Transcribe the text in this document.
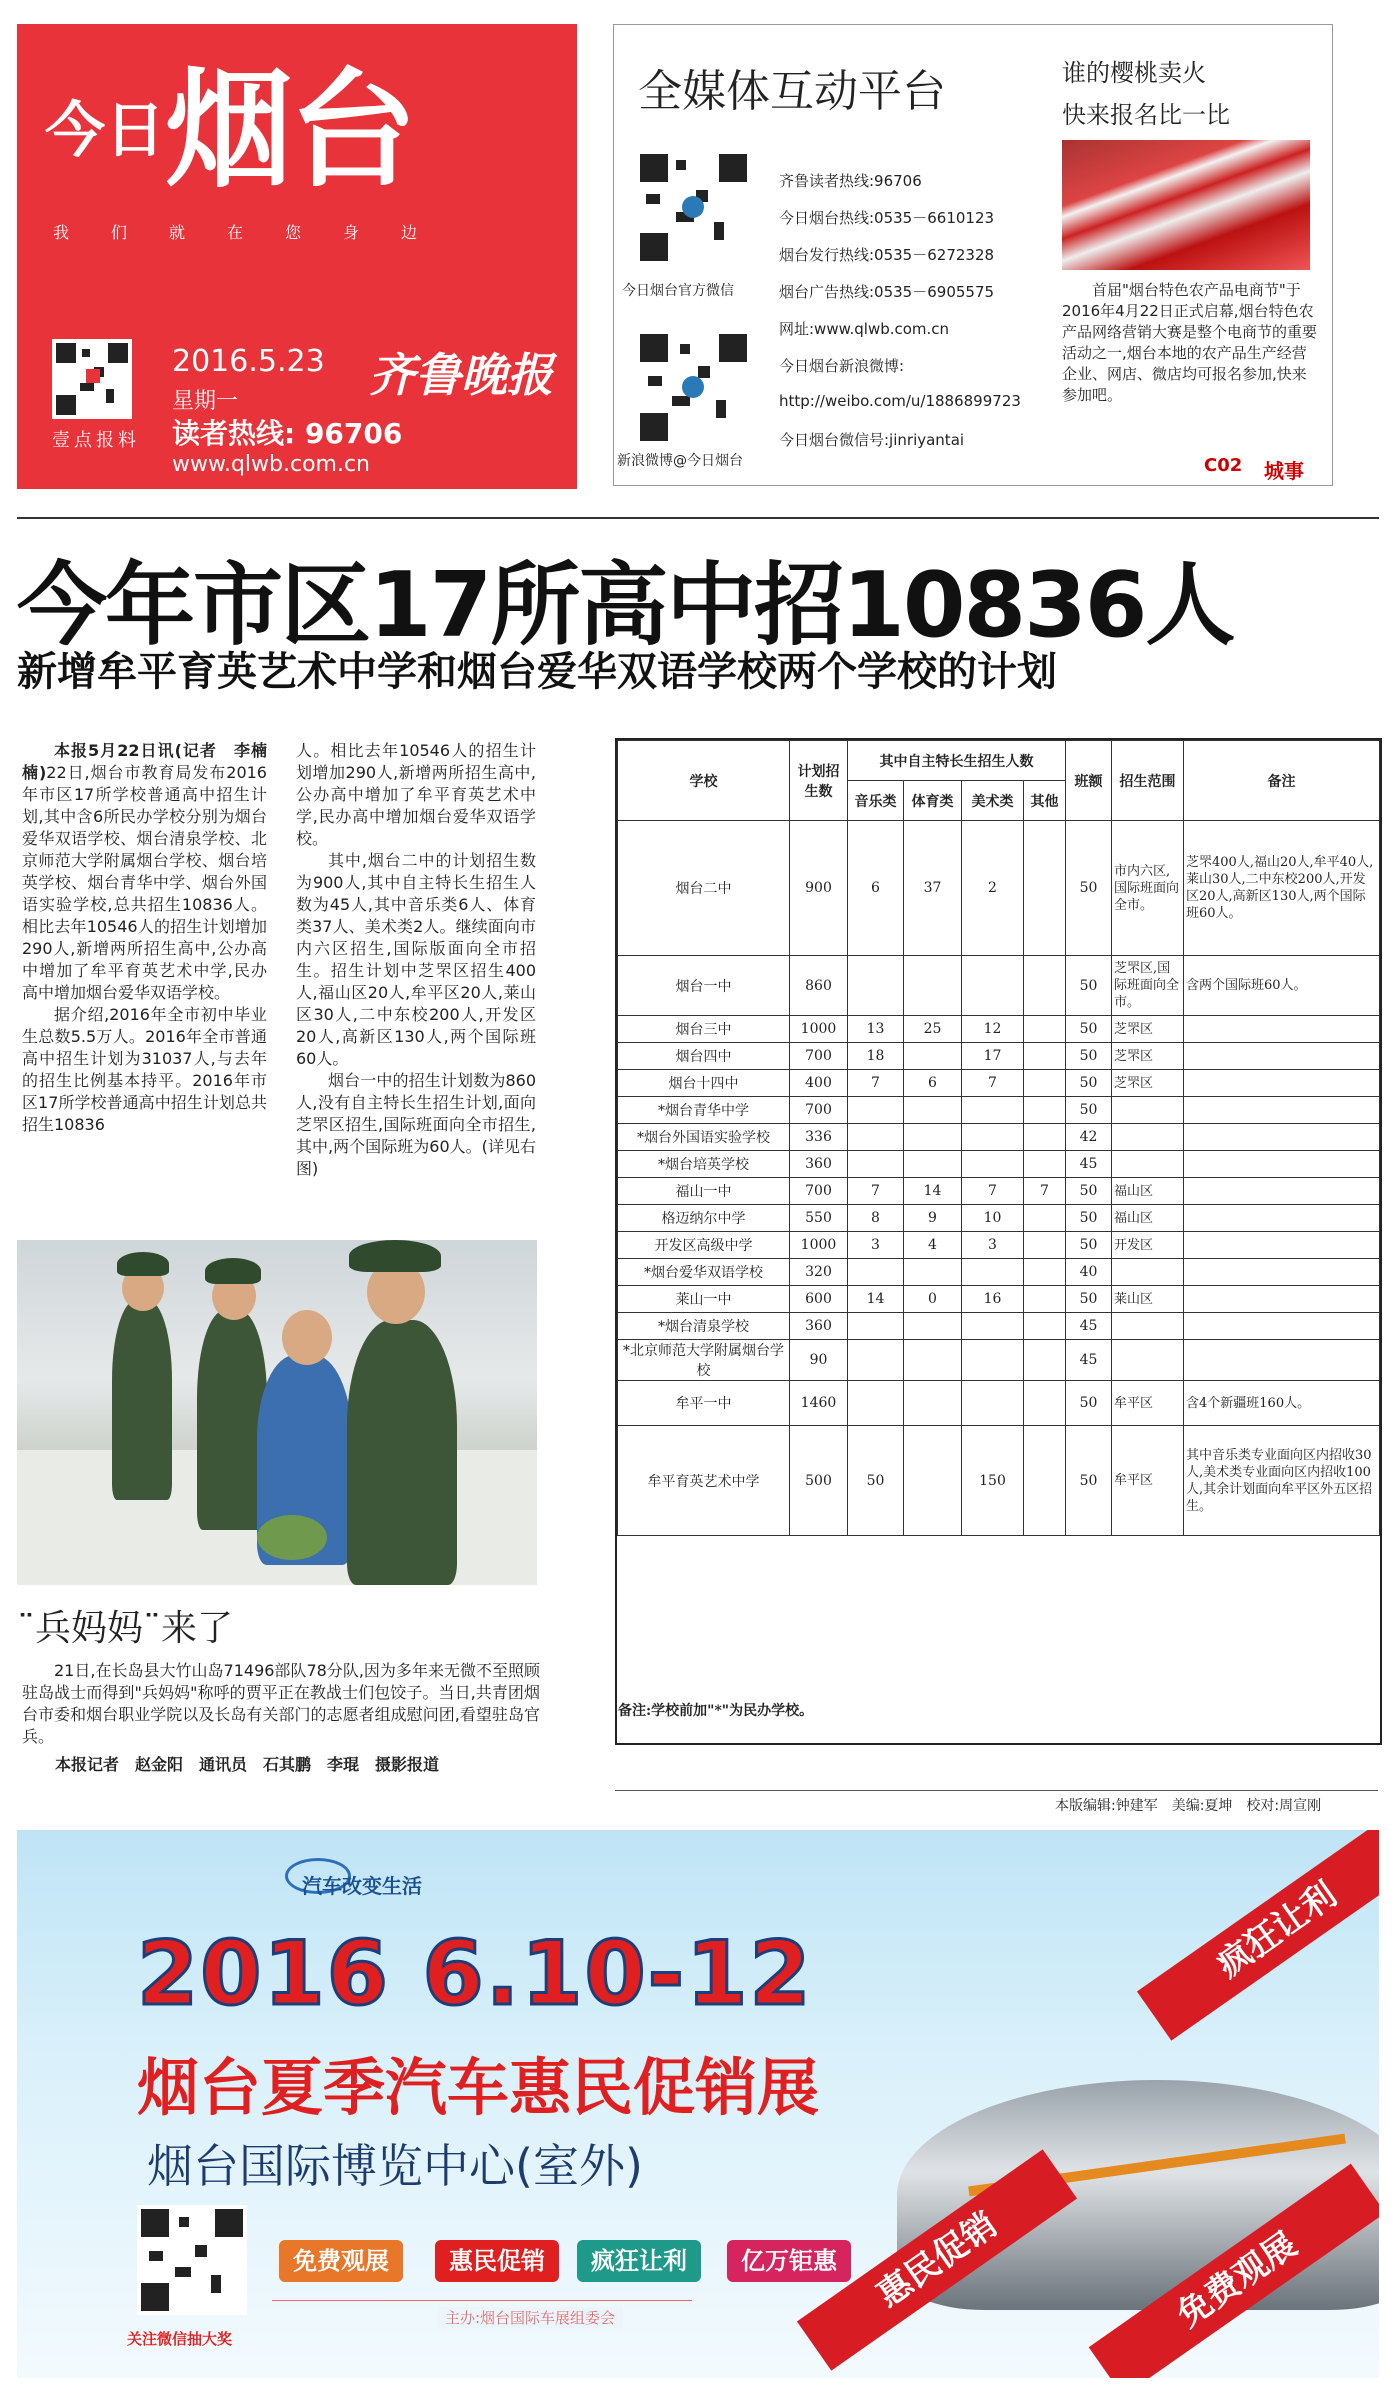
$^{今日}$烟台
我们就在您身边
壹点报料
2016.5.23
星期一
读者热线: 96706
www.qlwb.com.cn
齐鲁晚报
全媒体互动平台
今日烟台官方微信
新浪微博@今日烟台
齐鲁读者热线:96706
今日烟台热线:0535－6610123
烟台发行热线:0535－6272328
烟台广告热线:0535－6905575
网址:www.qlwb.com.cn
今日烟台新浪微博:
http://weibo.com/u/1886899723
今日烟台微信号:jinriyantai
谁的樱桃卖火
快来报名比一比
首届"烟台特色农产品电商节"于2016年4月22日正式启幕,烟台特色农产品网络营销大赛是整个电商节的重要活动之一,烟台本地的农产品生产经营企业、网店、微店均可报名参加,快来参加吧。
C02 城事
今年市区17所高中招10836人
新增牟平育英艺术中学和烟台爱华双语学校两个学校的计划

本报5月22日讯(记者　李楠楠)22日,烟台市教育局发布2016年市区17所学校普通高中招生计划,其中含6所民办学校分别为烟台爱华双语学校、烟台清泉学校、北京师范大学附属烟台学校、烟台培英学校、烟台青华中学、烟台外国语实验学校,总共招生10836人。相比去年10546人的招生计划增加290人,新增两所招生高中,公办高中增加了牟平育英艺术中学,民办高中增加烟台爱华双语学校。

据介绍,2016年全市初中毕业生总数5.5万人。2016年全市普通高中招生计划为31037人,与去年的招生比例基本持平。2016年市区17所学校普通高中招生计划总共招生10836

人。相比去年10546人的招生计划增加290人,新增两所招生高中,公办高中增加了牟平育英艺术中学,民办高中增加烟台爱华双语学校。

其中,烟台二中的计划招生数为900人,其中自主特长生招生人数为45人,其中音乐类6人、体育类37人、美术类2人。继续面向市内六区招生,国际版面向全市招生。招生计划中芝罘区招生400人,福山区20人,牟平区20人,莱山区30人,二中东校200人,开发区20人,高新区130人,两个国际班60人。

烟台一中的招生计划数为860人,没有自主特长生招生计划,面向芝罘区招生,国际班面向全市招生,其中,两个国际班为60人。(详见右图)

¨兵妈妈¨来了
21日,在长岛县大竹山岛71496部队78分队,因为多年来无微不至照顾驻岛战士而得到"兵妈妈"称呼的贾平正在教战士们包饺子。当日,共青团烟台市委和烟台职业学院以及长岛有关部门的志愿者组成慰问团,看望驻岛官兵。
本报记者　赵金阳　通讯员　石其鹏　李琨　摄影报道
学校	计划招生数	其中自主特长生招生人数				班额	招生范围	备注
		音乐类	体育类	美术类	其他			
烟台二中	900	6	37	2		50	市内六区,国际班面向全市。	芝罘400人,福山20人,牟平40人,莱山30人,二中东校200人,开发区20人,高新区130人,两个国际班60人。
烟台一中	860					50	芝罘区,国际班面向全市。	含两个国际班60人。
烟台三中	1000	13	25	12		50	芝罘区	
烟台四中	700	18		17		50	芝罘区	
烟台十四中	400	7	6	7		50	芝罘区	
*烟台青华中学	700					50		
*烟台外国语实验学校	336					42		
*烟台培英学校	360					45		
福山一中	700	7	14	7	7	50	福山区	
格迈纳尔中学	550	8	9	10		50	福山区	
开发区高级中学	1000	3	4	3		50	开发区	
*烟台爱华双语学校	320					40		
莱山一中	600	14	0	16		50	莱山区	
*烟台清泉学校	360					45		
*北京师范大学附属烟台学校	90					45		
牟平一中	1460					50	牟平区	含4个新疆班160人。
牟平育英艺术中学	500	50		150		50	牟平区	其中音乐类专业面向区内招收30人,美术类专业面向区内招收100人,其余计划面向牟平区外五区招生。
备注:学校前加"*"为民办学校。
本版编辑:钟建军　美编:夏坤　校对:周宣刚
汽车改变生活
2016 6.10-12
烟台夏季汽车惠民促销展
烟台国际博览中心(室外)
关注微信抽大奖
免费观展	惠民促销	疯狂让利	亿万钜惠
主办:烟台国际车展组委会
疯狂让利
惠民促销	免费观展
